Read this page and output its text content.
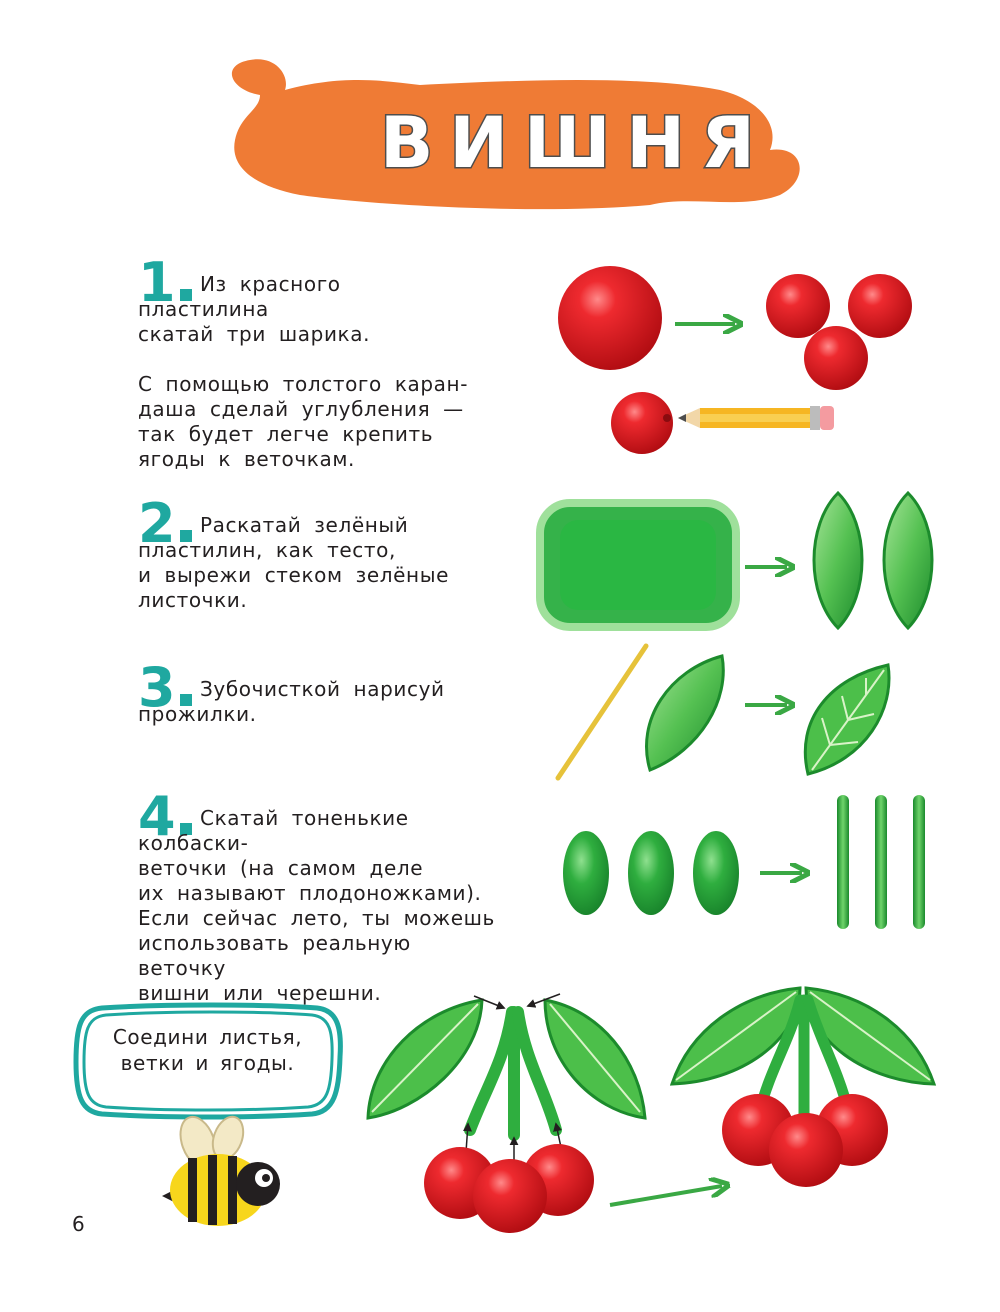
ВИШНЯ
1	Из красного пластилина
скатай три шарика.

С помощью толстого каран-
даша сделай углубления —
так будет легче крепить
ягоды к веточкам.
2	Раскатай зелёный
пластилин, как тесто,
и вырежи стеком зелёные
листочки.
3	Зубочисткой нарисуй
прожилки.
4	Скатай тоненькие колбаски-
веточки (на самом деле
их называют плодоножками).
Если сейчас лето, ты можешь
использовать реальную веточку
вишни или черешни.
Соедини листья,
ветки и ягоды.
6
